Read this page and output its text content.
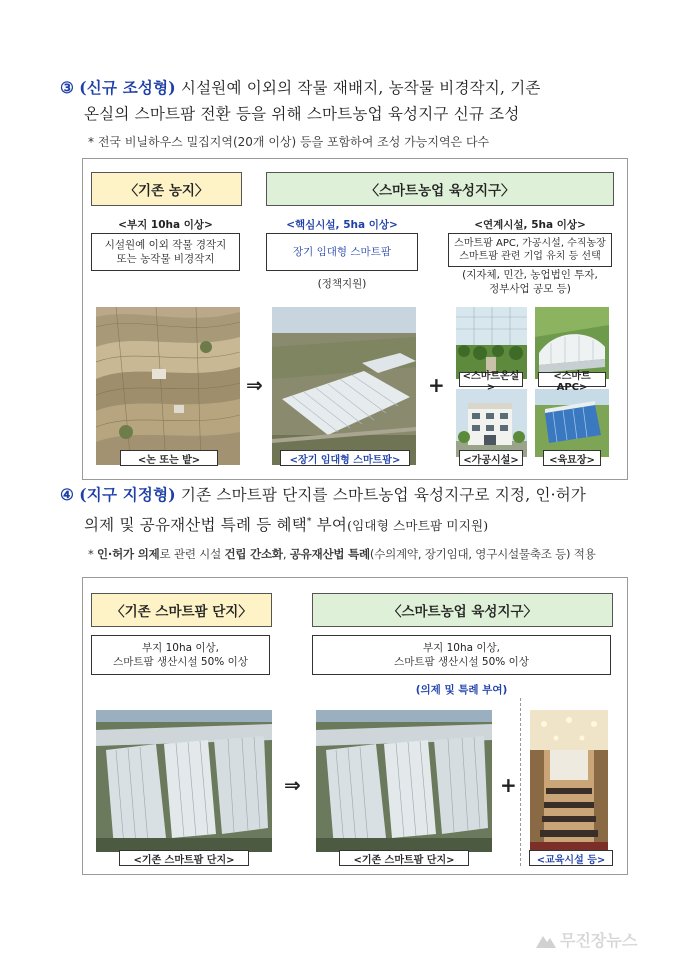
③ (신규 조성형) 시설원예 이외의 작물 재배지, 농작물 비경작지, 기존
온실의 스마트팜 전환 등을 위해 스마트농업 육성지구 신규 조성
* 전국 비닐하우스 밀집지역(20개 이상) 등을 포함하여 조성 가능지역은 다수
〈기존 농지〉	〈스마트농업 육성지구〉
<부지 10ha 이상>	<핵심시설, 5ha 이상>	<연계시설, 5ha 이상>
시설원예 이외 작물 경작지
또는 농작물 비경작지
장기 임대형 스마트팜
(정책지원)
스마트팜 APC, 가공시설, 수직농장
스마트팜 관련 기업 유치 등 선택
(지자체, 민간, 농업법인 투자,
정부사업 공모 등)
<논 또는 밭>
⇒
<장기 임대형 스마트팜>
+ <스마트온실>
<스마트APC>
<가공시설>	<육묘장>
④ (지구 지정형) 기존 스마트팜 단지를 스마트농업 육성지구로 지정, 인·허가
의제 및 공유재산법 특례 등 혜택* 부여(임대형 스마트팜 미지원)
* 인·허가 의제로 관련 시설 건립 간소화, 공유재산법 특례(수의계약, 장기임대, 영구시설물축조 등) 적용
〈기존 스마트팜 단지〉	〈스마트농업 육성지구〉
부지 10ha 이상,
스마트팜 생산시설 50% 이상
부지 10ha 이상,
스마트팜 생산시설 50% 이상
(의제 및 특례 부여)
<기존 스마트팜 단지>
⇒
<기존 스마트팜 단지>
+
<교육시설 등>
무진장뉴스
